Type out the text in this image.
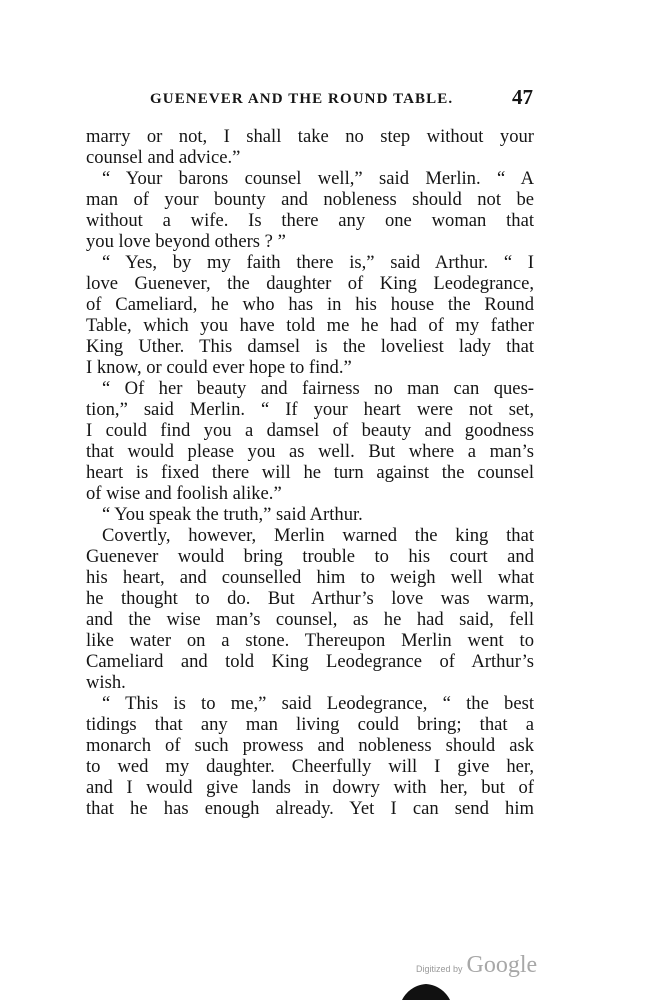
GUENEVER AND THE ROUND TABLE.	47
marry or not, I shall take no step without your
counsel and advice.”
“ Your barons counsel well,” said Merlin. “ A
man of your bounty and nobleness should not be
without a wife. Is there any one woman that
you love beyond others ? ”
“ Yes, by my faith there is,” said Arthur. “ I
love Guenever, the daughter of King Leodegrance,
of Cameliard, he who has in his house the Round
Table, which you have told me he had of my father
King Uther. This damsel is the loveliest lady that
I know, or could ever hope to find.”
“ Of her beauty and fairness no man can ques-
tion,” said Merlin. “ If your heart were not set,
I could find you a damsel of beauty and goodness
that would please you as well. But where a man’s
heart is fixed there will he turn against the counsel
of wise and foolish alike.”
“ You speak the truth,” said Arthur.
Covertly, however, Merlin warned the king that
Guenever would bring trouble to his court and
his heart, and counselled him to weigh well what
he thought to do. But Arthur’s love was warm,
and the wise man’s counsel, as he had said, fell
like water on a stone. Thereupon Merlin went to
Cameliard and told King Leodegrance of Arthur’s
wish.
“ This is to me,” said Leodegrance, “ the best
tidings that any man living could bring; that a
monarch of such prowess and nobleness should ask
to wed my daughter. Cheerfully will I give her,
and I would give lands in dowry with her, but of
that he has enough already. Yet I can send him
Digitized by Google
